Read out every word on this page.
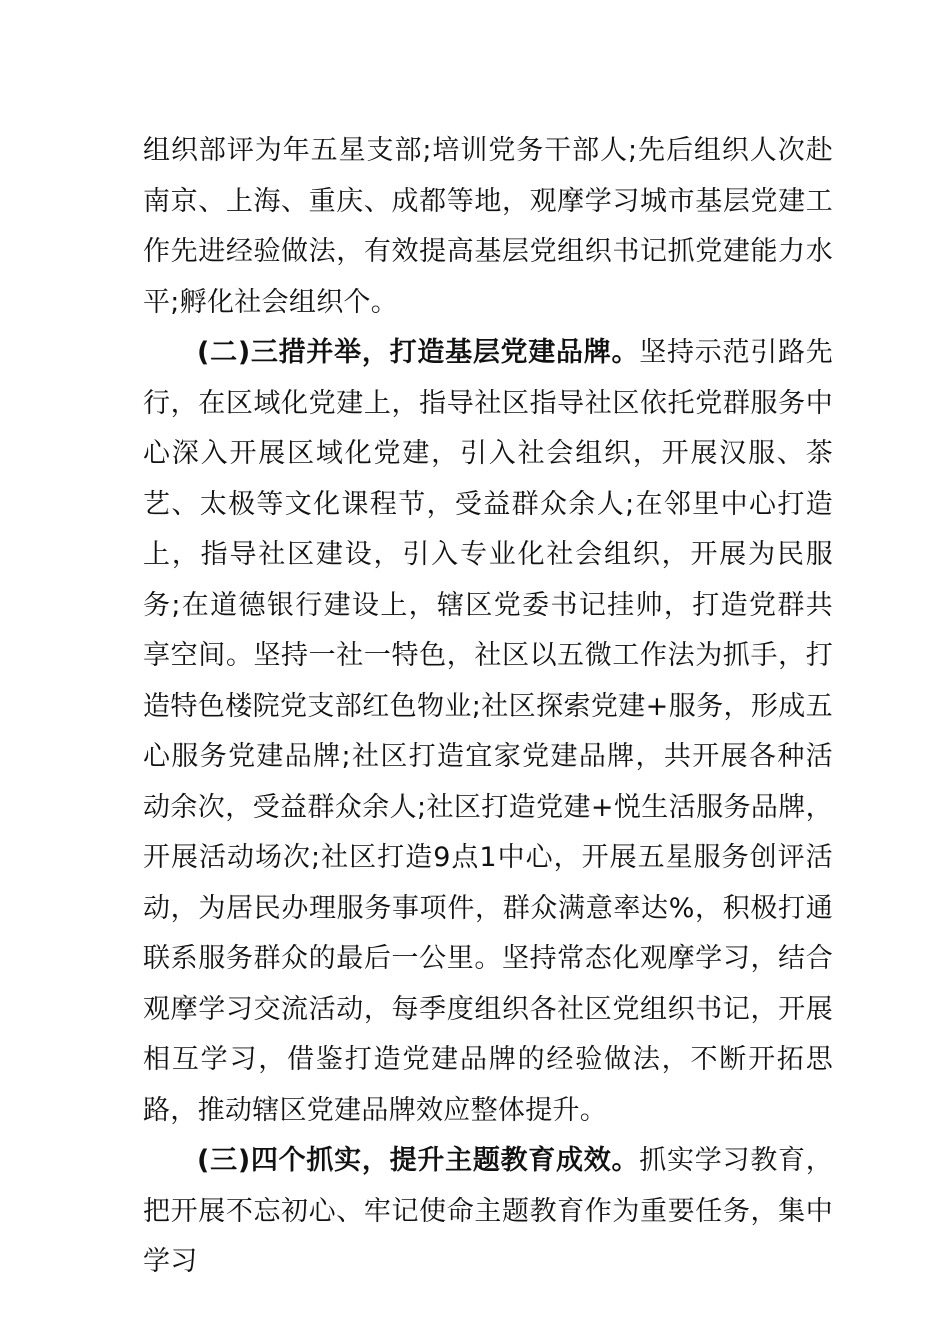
组织部评为年五星支部;培训党务干部人;先后组织人次赴南京、上海、重庆、成都等地，观摩学习城市基层党建工作先进经验做法，有效提高基层党组织书记抓党建能力水平;孵化社会组织个。

(二)三措并举，打造基层党建品牌。坚持示范引路先行，在区域化党建上，指导社区指导社区依托党群服务中心深入开展区域化党建，引入社会组织，开展汉服、茶艺、太极等文化课程节，受益群众余人;在邻里中心打造上，指导社区建设，引入专业化社会组织，开展为民服务;在道德银行建设上，辖区党委书记挂帅，打造党群共享空间。坚持一社一特色，社区以五微工作法为抓手，打造特色楼院党支部红色物业;社区探索党建+服务，形成五心服务党建品牌;社区打造宜家党建品牌，共开展各种活动余次，受益群众余人;社区打造党建+悦生活服务品牌，开展活动场次;社区打造9点1中心，开展五星服务创评活动，为居民办理服务事项件，群众满意率达%，积极打通联系服务群众的最后一公里。坚持常态化观摩学习，结合观摩学习交流活动，每季度组织各社区党组织书记，开展相互学习，借鉴打造党建品牌的经验做法，不断开拓思路，推动辖区党建品牌效应整体提升。

(三)四个抓实，提升主题教育成效。抓实学习教育，把开展不忘初心、牢记使命主题教育作为重要任务，集中学习
